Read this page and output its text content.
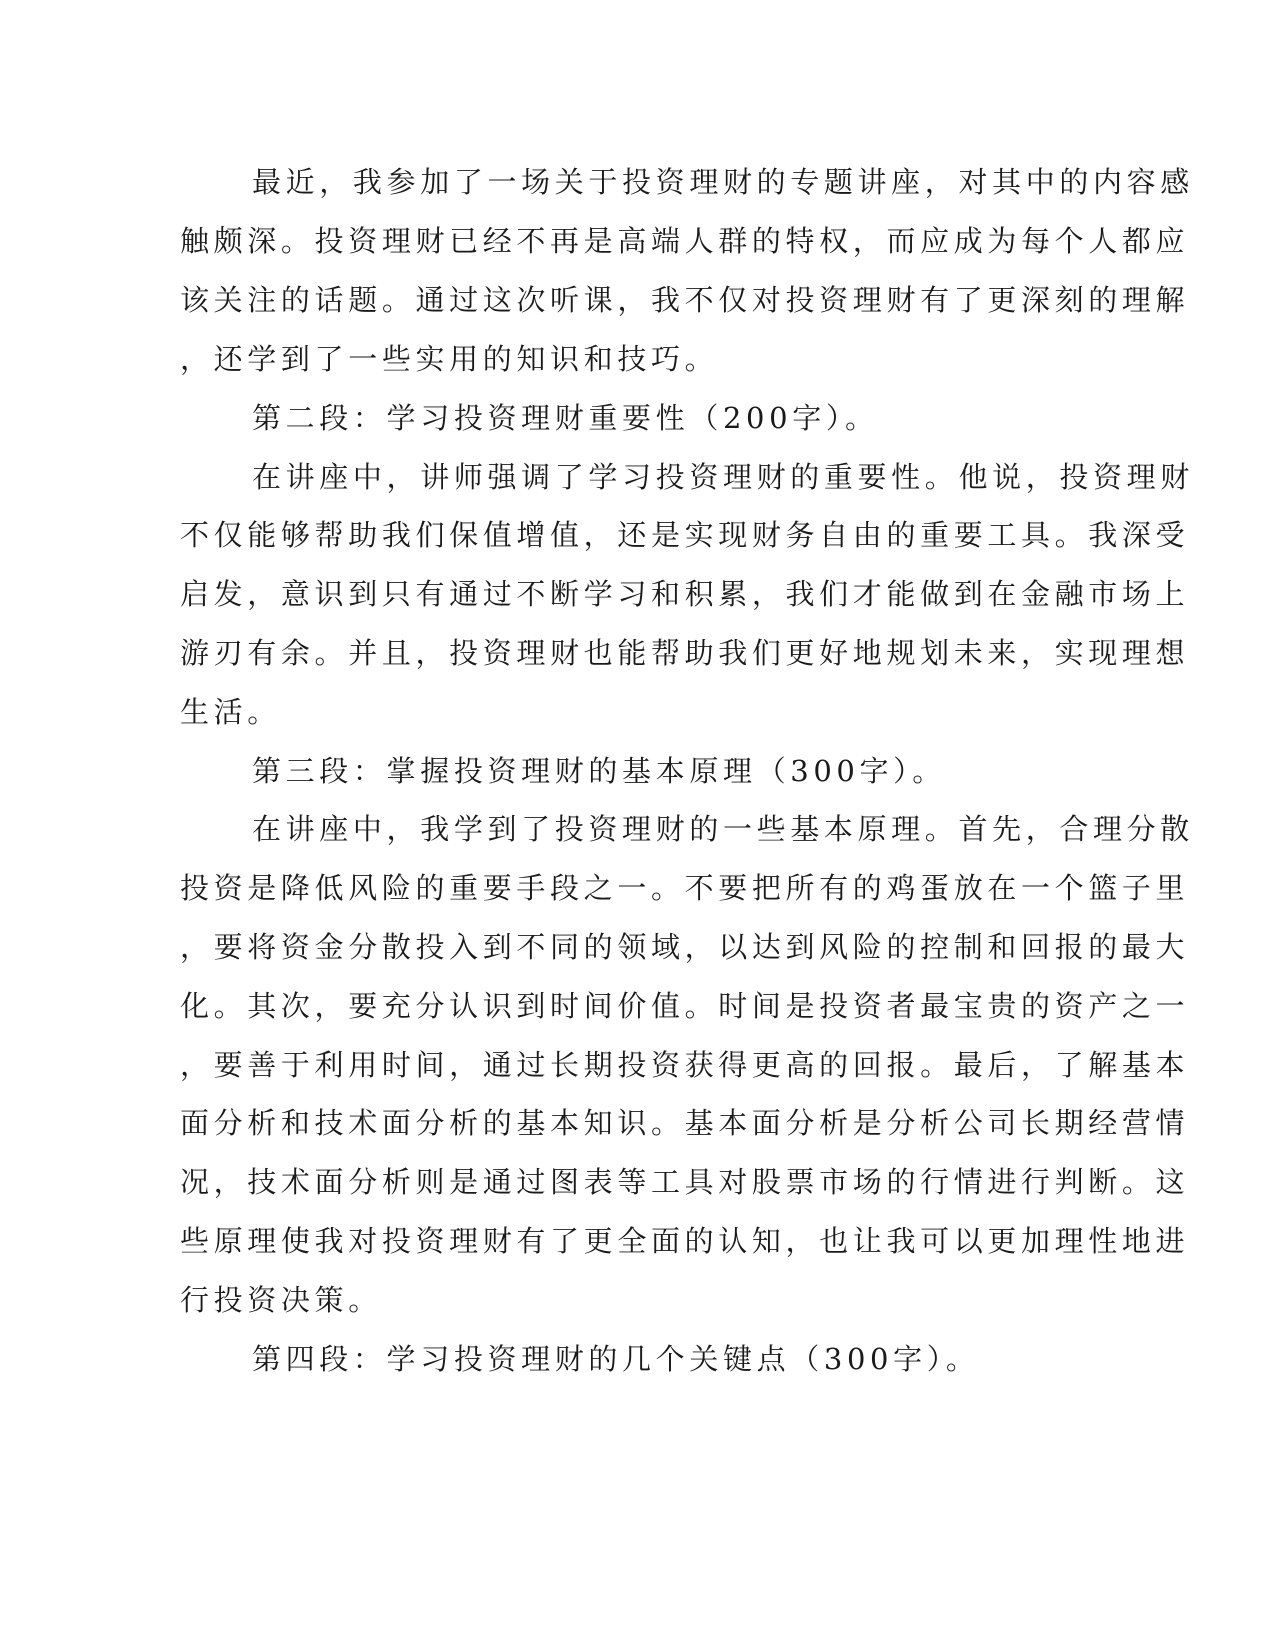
最近，我参加了一场关于投资理财的专题讲座，对其中的内容感

触颇深。投资理财已经不再是高端人群的特权，而应成为每个人都应

该关注的话题。通过这次听课，我不仅对投资理财有了更深刻的理解

，还学到了一些实用的知识和技巧。

第二段：学习投资理财重要性（200字）。

在讲座中，讲师强调了学习投资理财的重要性。他说，投资理财

不仅能够帮助我们保值增值，还是实现财务自由的重要工具。我深受

启发，意识到只有通过不断学习和积累，我们才能做到在金融市场上

游刃有余。并且，投资理财也能帮助我们更好地规划未来，实现理想

生活。

第三段：掌握投资理财的基本原理（300字）。

在讲座中，我学到了投资理财的一些基本原理。首先，合理分散

投资是降低风险的重要手段之一。不要把所有的鸡蛋放在一个篮子里

，要将资金分散投入到不同的领域，以达到风险的控制和回报的最大

化。其次，要充分认识到时间价值。时间是投资者最宝贵的资产之一

，要善于利用时间，通过长期投资获得更高的回报。最后，了解基本

面分析和技术面分析的基本知识。基本面分析是分析公司长期经营情

况，技术面分析则是通过图表等工具对股票市场的行情进行判断。这

些原理使我对投资理财有了更全面的认知，也让我可以更加理性地进

行投资决策。

第四段：学习投资理财的几个关键点（300字）。
